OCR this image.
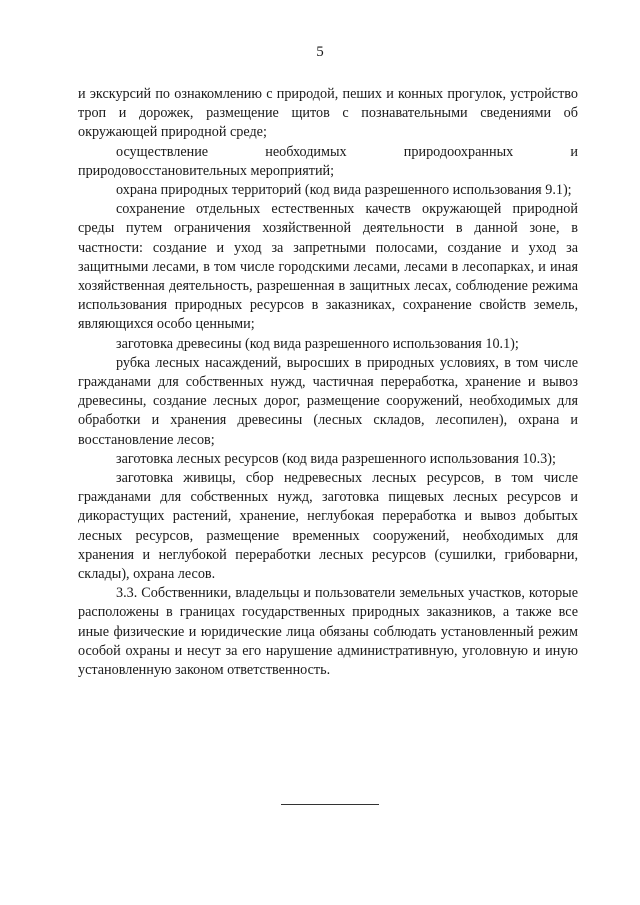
5

и экскурсий по ознакомлению с природой, пеших и конных прогулок, устройство троп и дорожек, размещение щитов с познавательными сведениями об окружающей природной среде;

осуществление необходимых природоохранных и природовосстановительных мероприятий;

охрана природных территорий (код вида разрешенного использования 9.1);

сохранение отдельных естественных качеств окружающей природной среды путем ограничения хозяйственной деятельности в данной зоне, в частности: создание и уход за запретными полосами, создание и уход за защитными лесами, в том числе городскими лесами, лесами в лесопарках, и иная хозяйственная деятельность, разрешенная в защитных лесах, соблюдение режима использования природных ресурсов в заказниках, сохранение свойств земель, являющихся особо ценными;

заготовка древесины (код вида разрешенного использования 10.1);

рубка лесных насаждений, выросших в природных условиях, в том числе гражданами для собственных нужд, частичная переработка, хранение и вывоз древесины, создание лесных дорог, размещение сооружений, необходимых для обработки и хранения древесины (лесных складов, лесопилен), охрана и восстановление лесов;

заготовка лесных ресурсов (код вида разрешенного использования 10.3);

заготовка живицы, сбор недревесных лесных ресурсов, в том числе гражданами для собственных нужд, заготовка пищевых лесных ресурсов и дикорастущих растений, хранение, неглубокая переработка и вывоз добытых лесных ресурсов, размещение временных сооружений, необходимых для хранения и неглубокой переработки лесных ресурсов (сушилки, грибоварни, склады), охрана лесов.

3.3. Собственники, владельцы и пользователи земельных участков, которые расположены в границах государственных природных заказников, а также все иные физические и юридические лица обязаны соблюдать установленный режим особой охраны и несут за его нарушение административную, уголовную и иную установленную законом ответственность.
